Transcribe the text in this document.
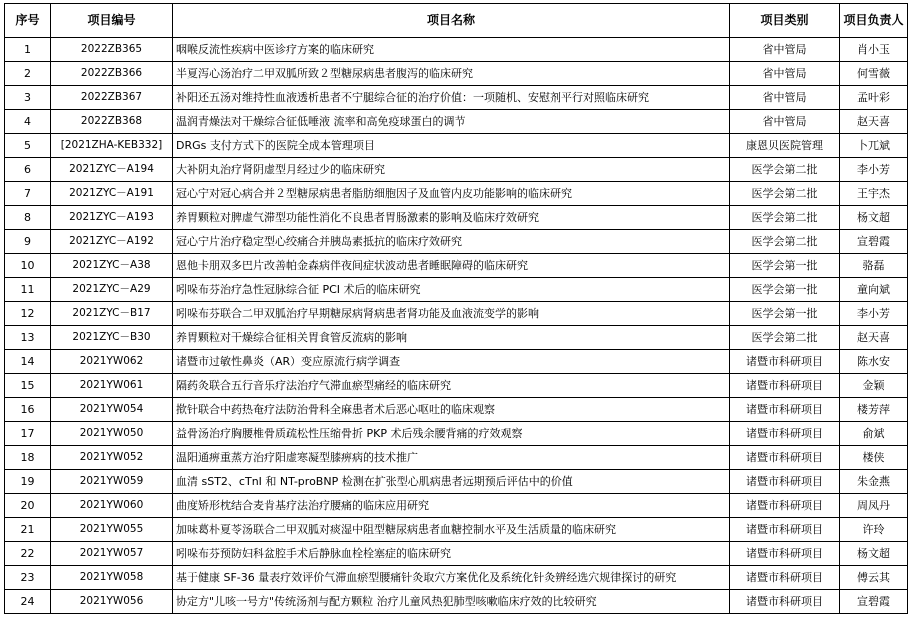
序号	项目编号	项目名称	项目类别	项目负责人
1	2022ZB365	咽喉反流性疾病中医诊疗方案的临床研究	省中管局	肖小玉
2	2022ZB366	半夏泻心汤治疗二甲双胍所致２型糖尿病患者腹泻的临床研究	省中管局	何雪薇
3	2022ZB367	补阳还五汤对维持性血液透析患者不宁腿综合征的治疗价值：一项随机、安慰剂平行对照临床研究	省中管局	孟叶彩
4	2022ZB368	温润青燥法对干燥综合征低唾液 流率和高免疫球蛋白的调节	省中管局	赵天喜
5	[2021ZHA-KEB332]	DRGs 支付方式下的医院全成本管理项目	康恩贝医院管理	卜兀斌
6	2021ZYC－A194	大补阴丸治疗肾阴虚型月经过少的临床研究	医学会第二批	李小芳
7	2021ZYC－A191	冠心宁对冠心病合并２型糖尿病患者脂肪细胞因子及血管内皮功能影响的临床研究	医学会第二批	王宇杰
8	2021ZYC－A193	养胃颗粒对脾虚气滞型功能性消化不良患者胃肠激素的影响及临床疗效研究	医学会第二批	杨文超
9	2021ZYC－A192	冠心宁片治疗稳定型心绞痛合并胰岛素抵抗的临床疗效研究	医学会第二批	宣碧霞
10	2021ZYC－A38	恩他卡朋双多巴片改善帕金森病伴夜间症状波动患者睡眠障碍的临床研究	医学会第一批	骆磊
11	2021ZYC－A29	吲哚布芬治疗急性冠脉综合征 PCI 术后的临床研究	医学会第一批	童向斌
12	2021ZYC－B17	吲哚布芬联合二甲双胍治疗早期糖尿病肾病患者肾功能及血液流变学的影响	医学会第一批	李小芳
13	2021ZYC－B30	养胃颗粒对干燥综合征相关胃食管反流病的影响	医学会第二批	赵天喜
14	2021YW062	诸暨市过敏性鼻炎（AR）变应原流行病学调查	诸暨市科研项目	陈水安
15	2021YW061	隔药灸联合五行音乐疗法治疗气滞血瘀型痛经的临床研究	诸暨市科研项目	金颖
16	2021YW054	揿针联合中药热奄疗法防治骨科全麻患者术后恶心呕吐的临床观察	诸暨市科研项目	楼芳萍
17	2021YW050	益骨汤治疗胸腰椎骨质疏松性压缩骨折 PKP 术后残余腰背痛的疗效观察	诸暨市科研项目	俞斌
18	2021YW052	温阳通痹重蒸方治疗阳虚寒凝型膝痹病的技术推广	诸暨市科研项目	楼侠
19	2021YW059	血清 sST2、cTnI 和 NT-proBNP 检测在扩张型心肌病患者远期预后评估中的价值	诸暨市科研项目	朱金燕
20	2021YW060	曲度矫形枕结合麦肯基疗法治疗腰痛的临床应用研究	诸暨市科研项目	周凤丹
21	2021YW055	加味葛朴夏苓汤联合二甲双胍对痰湿中阻型糖尿病患者血糖控制水平及生活质量的临床研究	诸暨市科研项目	许玲
22	2021YW057	吲哚布芬预防妇科盆腔手术后静脉血栓栓塞症的临床研究	诸暨市科研项目	杨文超
23	2021YW058	基于健康 SF-36 量表疗效评价气滞血瘀型腰痛针灸取穴方案优化及系统化针灸辨经选穴规律探讨的研究	诸暨市科研项目	傅云其
24	2021YW056	协定方"儿咳一号方"传统汤剂与配方颗粒 治疗儿童风热犯肺型咳嗽临床疗效的比较研究	诸暨市科研项目	宣碧霞
